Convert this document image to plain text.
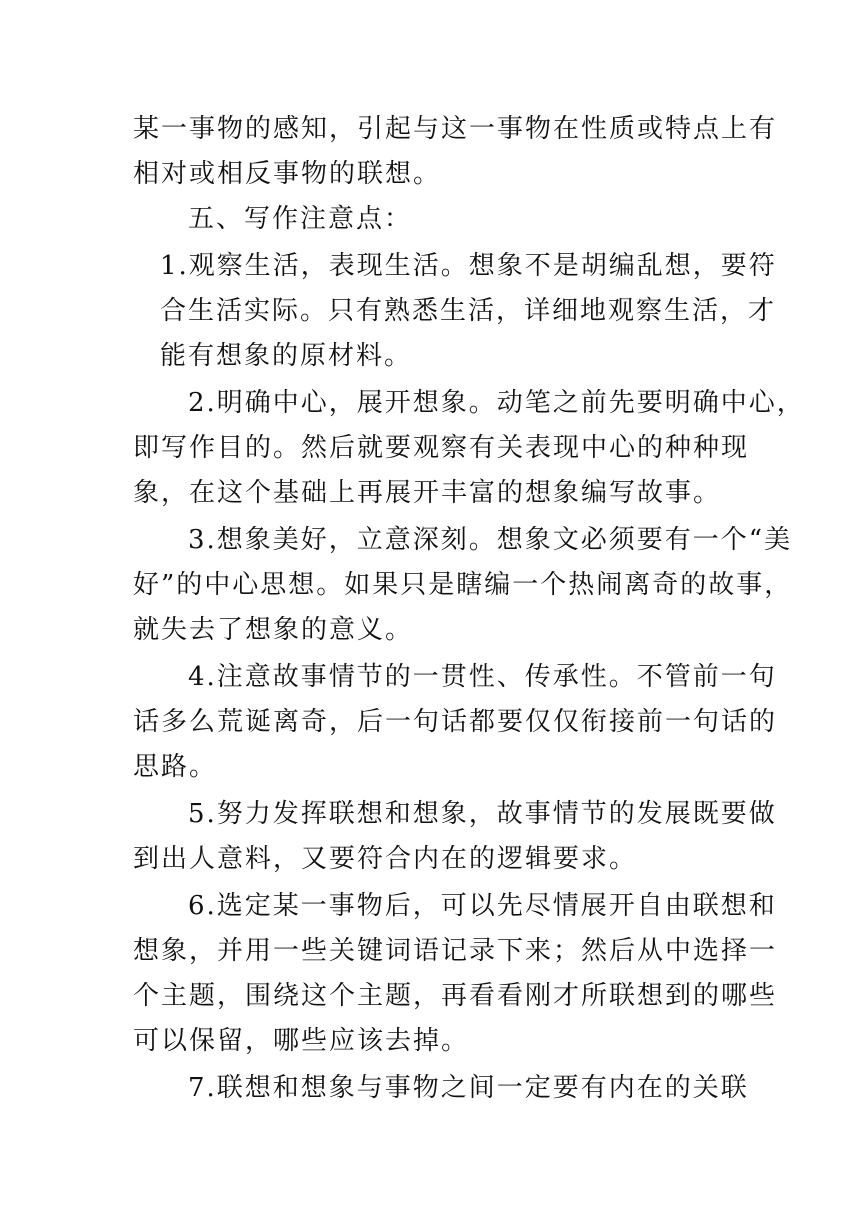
某一事物的感知，引起与这一事物在性质或特点上有
相对或相反事物的联想。
五、写作注意点：
1.观察生活，表现生活。想象不是胡编乱想，要符
合生活实际。只有熟悉生活，详细地观察生活，才
能有想象的原材料。
2.明确中心，展开想象。动笔之前先要明确中心，
即写作目的。然后就要观察有关表现中心的种种现
象，在这个基础上再展开丰富的想象编写故事。
3.想象美好，立意深刻。想象文必须要有一个“美
好”的中心思想。如果只是瞎编一个热闹离奇的故事，
就失去了想象的意义。
4.注意故事情节的一贯性、传承性。不管前一句
话多么荒诞离奇，后一句话都要仅仅衔接前一句话的
思路。
5.努力发挥联想和想象，故事情节的发展既要做
到出人意料，又要符合内在的逻辑要求。
6.选定某一事物后，可以先尽情展开自由联想和
想象，并用一些关键词语记录下来；然后从中选择一
个主题，围绕这个主题，再看看刚才所联想到的哪些
可以保留，哪些应该去掉。
7.联想和想象与事物之间一定要有内在的关联
